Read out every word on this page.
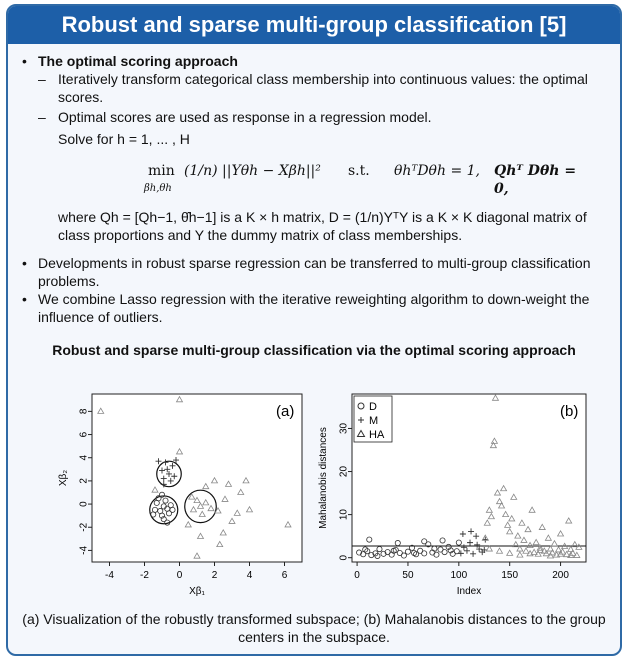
Robust and sparse multi-group classification [5]
• The optimal scoring approach
– Iteratively transform categorical class membership into continuous values: the optimal scores.
– Optimal scores are used as response in a regression model.
Solve for h = 1, ... , H
min
βh,θh
(1/n) ||Yθh − Xβh||² s.t. θhᵀDθh = 1, Qhᵀ Dθh = 0,
where Qh = [Qh−1, θ̂h−1] is a K × h matrix, D = (1/n)YᵀY is a K × K diagonal matrix of
class proportions and Y the dummy matrix of class memberships.
• Developments in robust sparse regression can be transferred to multi-group classification problems.
• We combine Lasso regression with the iterative reweighting algorithm to down-weight the influence of outliers.
Robust and sparse multi-group classification via the optimal scoring approach
-4	-2	0	2	4	6
-4
-2
0
2
4
6
8
Xβ₁
Xβ₂
(a)
0	50	100	150	200
0
10
20
30
Index
Mahalanobis distances
(b)
D
M
HA
(a) Visualization of the robustly transformed subspace; (b) Mahalanobis distances to the group centers in the subspace.
